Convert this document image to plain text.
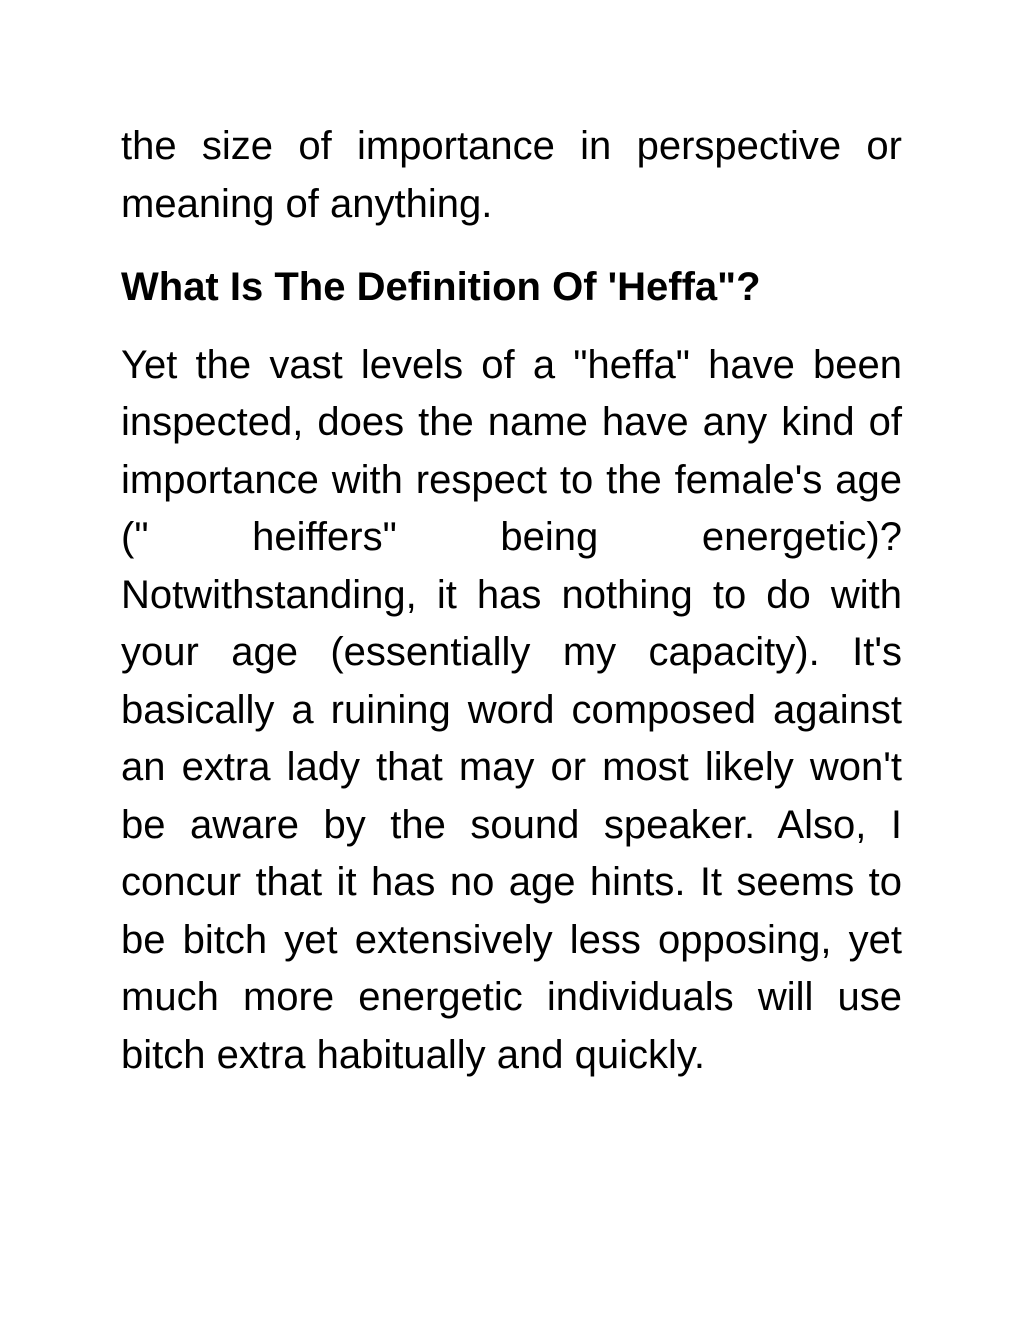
the size of importance in perspective or meaning of anything.

What Is The Definition Of 'Heffa"?

Yet the vast levels of a "heffa" have been inspected, does the name have any kind of importance with respect to the female's age (" heiffers" being energetic)? Notwithstanding, it has nothing to do with your age (essentially my capacity). It's basically a ruining word composed against an extra lady that may or most likely won't be aware by the sound speaker. Also, I concur that it has no age hints. It seems to be bitch yet extensively less opposing, yet much more energetic individuals will use bitch extra habitually and quickly.
